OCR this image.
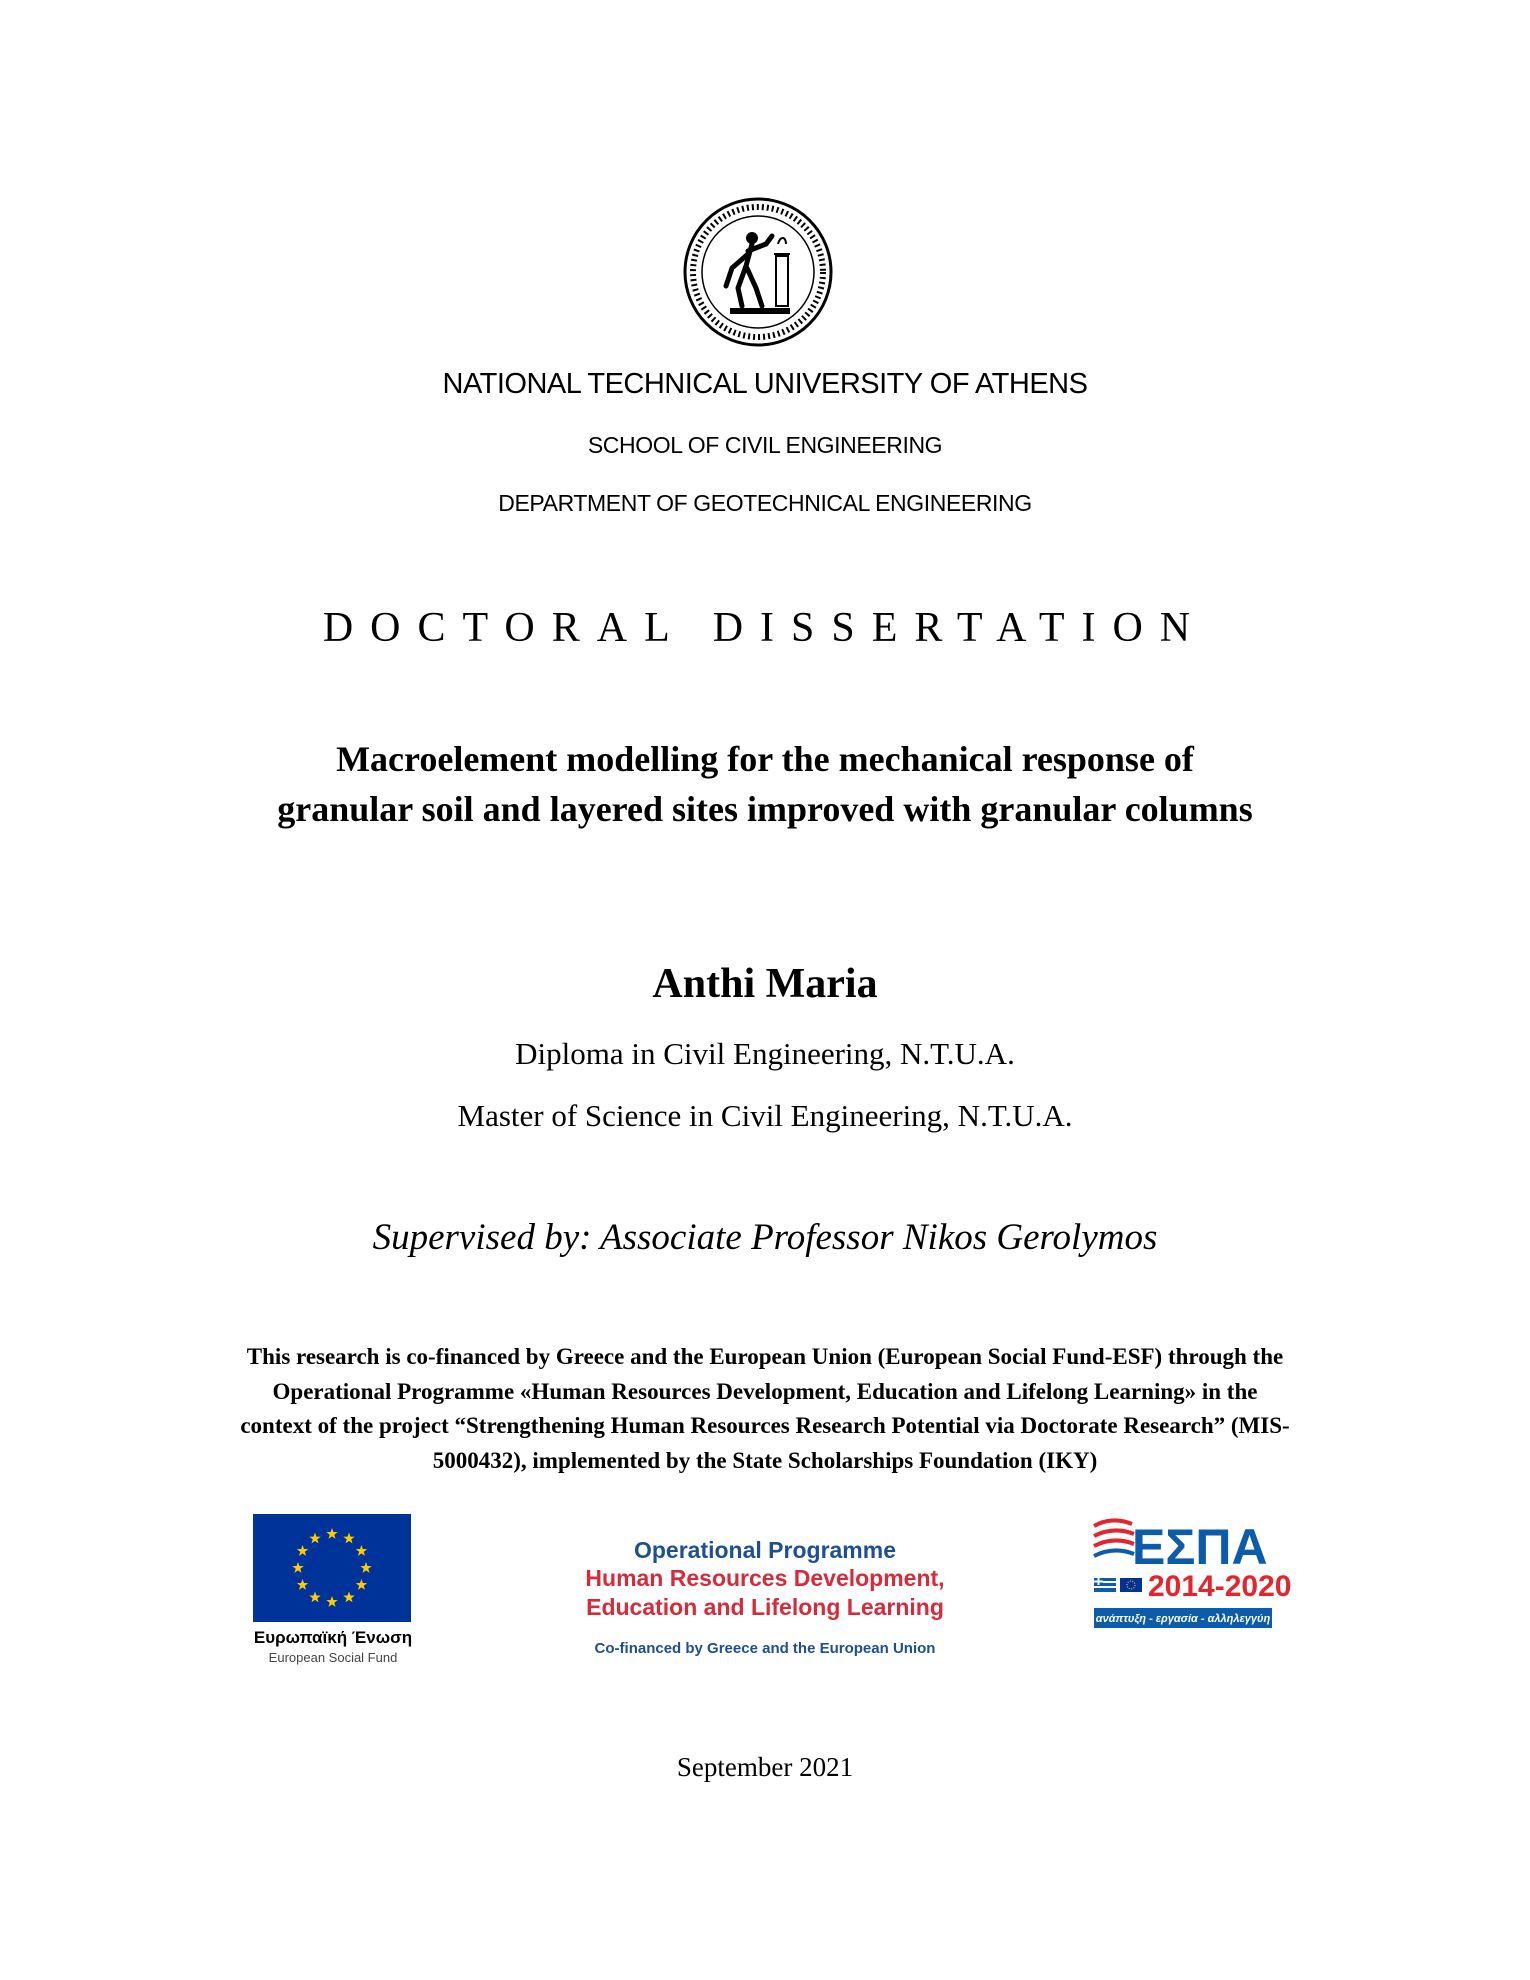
NATIONAL TECHNICAL UNIVERSITY OF ATHENS
SCHOOL OF CIVIL ENGINEERING
DEPARTMENT OF GEOTECHNICAL ENGINEERING
DOCTORAL DISSERTATION
Macroelement modelling for the mechanical response of granular soil and layered sites improved with granular columns
Anthi Maria
Diploma in Civil Engineering, N.T.U.A.
Master of Science in Civil Engineering, N.T.U.A.
Supervised by: Associate Professor Nikos Gerolymos
This research is co-financed by Greece and the European Union (European Social Fund-ESF) through the Operational Programme «Human Resources Development, Education and Lifelong Learning» in the context of the project “Strengthening Human Resources Research Potential via Doctorate Research” (MIS-5000432), implemented by the State Scholarships Foundation (IKY)
Ευρωπαϊκή Ένωση
European Social Fund
Operational Programme
Human Resources Development,
Education and Lifelong Learning
Co-financed by Greece and the European Union
ΕΣΠΑ
2014-2020
ανάπτυξη - εργασία - αλληλεγγύη
September 2021
